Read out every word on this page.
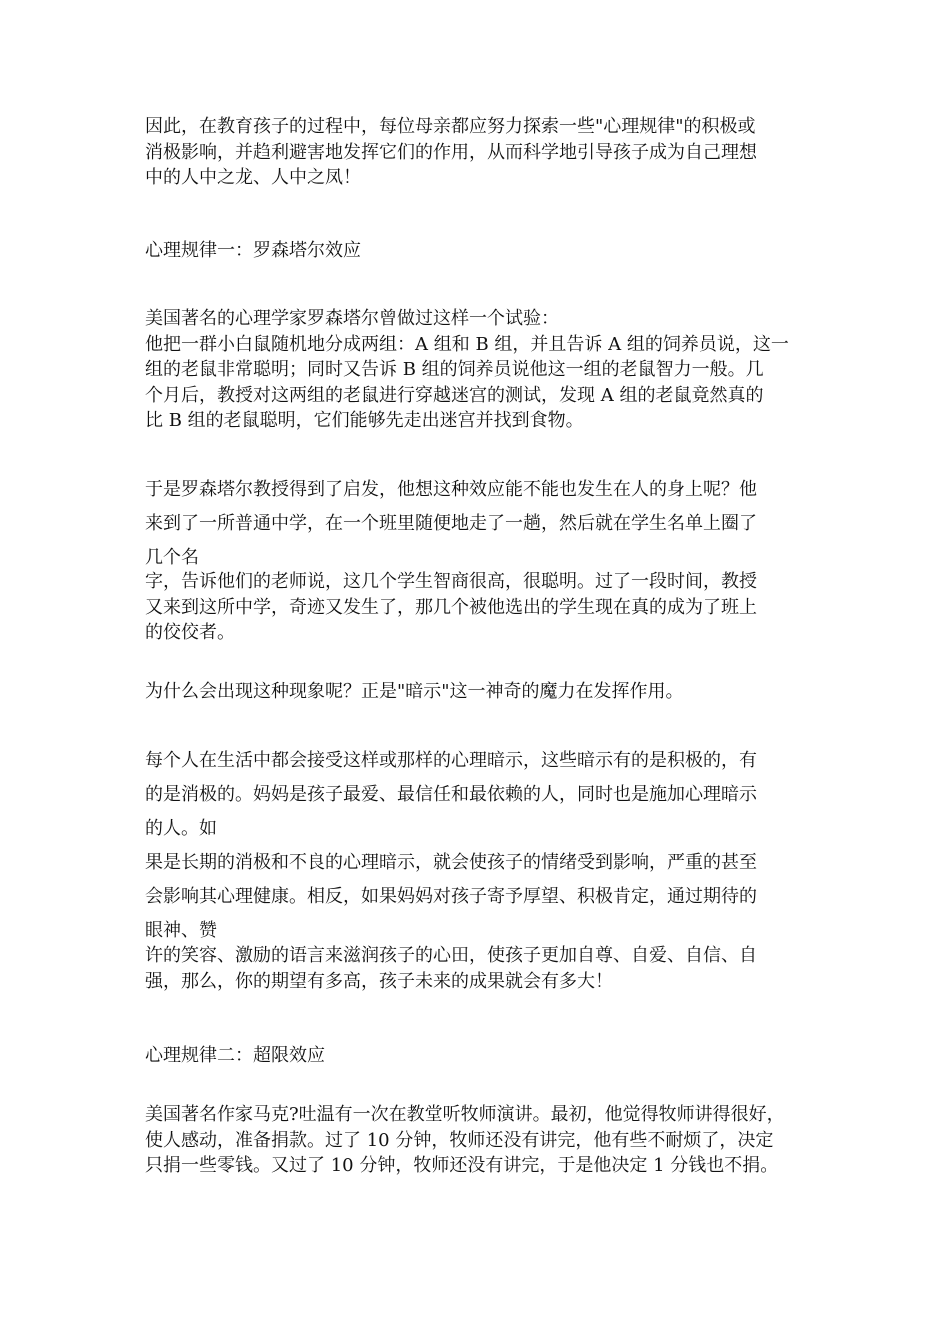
因此，在教育孩子的过程中，每位母亲都应努力探索一些"心理规律"的积极或
消极影响，并趋利避害地发挥它们的作用，从而科学地引导孩子成为自己理想
中的人中之龙、人中之凤！

心理规律一：罗森塔尔效应

美国著名的心理学家罗森塔尔曾做过这样一个试验：
他把一群小白鼠随机地分成两组：A 组和 B 组，并且告诉 A 组的饲养员说，这一
组的老鼠非常聪明；同时又告诉 B 组的饲养员说他这一组的老鼠智力一般。几
个月后，教授对这两组的老鼠进行穿越迷宫的测试，发现 A 组的老鼠竟然真的
比 B 组的老鼠聪明，它们能够先走出迷宫并找到食物。

于是罗森塔尔教授得到了启发，他想这种效应能不能也发生在人的身上呢？他
来到了一所普通中学，在一个班里随便地走了一趟，然后就在学生名单上圈了
几个名

字，告诉他们的老师说，这几个学生智商很高，很聪明。过了一段时间，教授
又来到这所中学，奇迹又发生了，那几个被他选出的学生现在真的成为了班上
的佼佼者。

为什么会出现这种现象呢？正是"暗示"这一神奇的魔力在发挥作用。

每个人在生活中都会接受这样或那样的心理暗示，这些暗示有的是积极的，有
的是消极的。妈妈是孩子最爱、最信任和最依赖的人，同时也是施加心理暗示
的人。如

果是长期的消极和不良的心理暗示，就会使孩子的情绪受到影响，严重的甚至
会影响其心理健康。相反，如果妈妈对孩子寄予厚望、积极肯定，通过期待的
眼神、赞

许的笑容、激励的语言来滋润孩子的心田，使孩子更加自尊、自爱、自信、自
强，那么，你的期望有多高，孩子未来的成果就会有多大！

心理规律二：超限效应

美国著名作家马克?吐温有一次在教堂听牧师演讲。最初，他觉得牧师讲得很好，
使人感动，准备捐款。过了 10 分钟，牧师还没有讲完，他有些不耐烦了，决定
只捐一些零钱。又过了 10 分钟，牧师还没有讲完，于是他决定 1 分钱也不捐。
